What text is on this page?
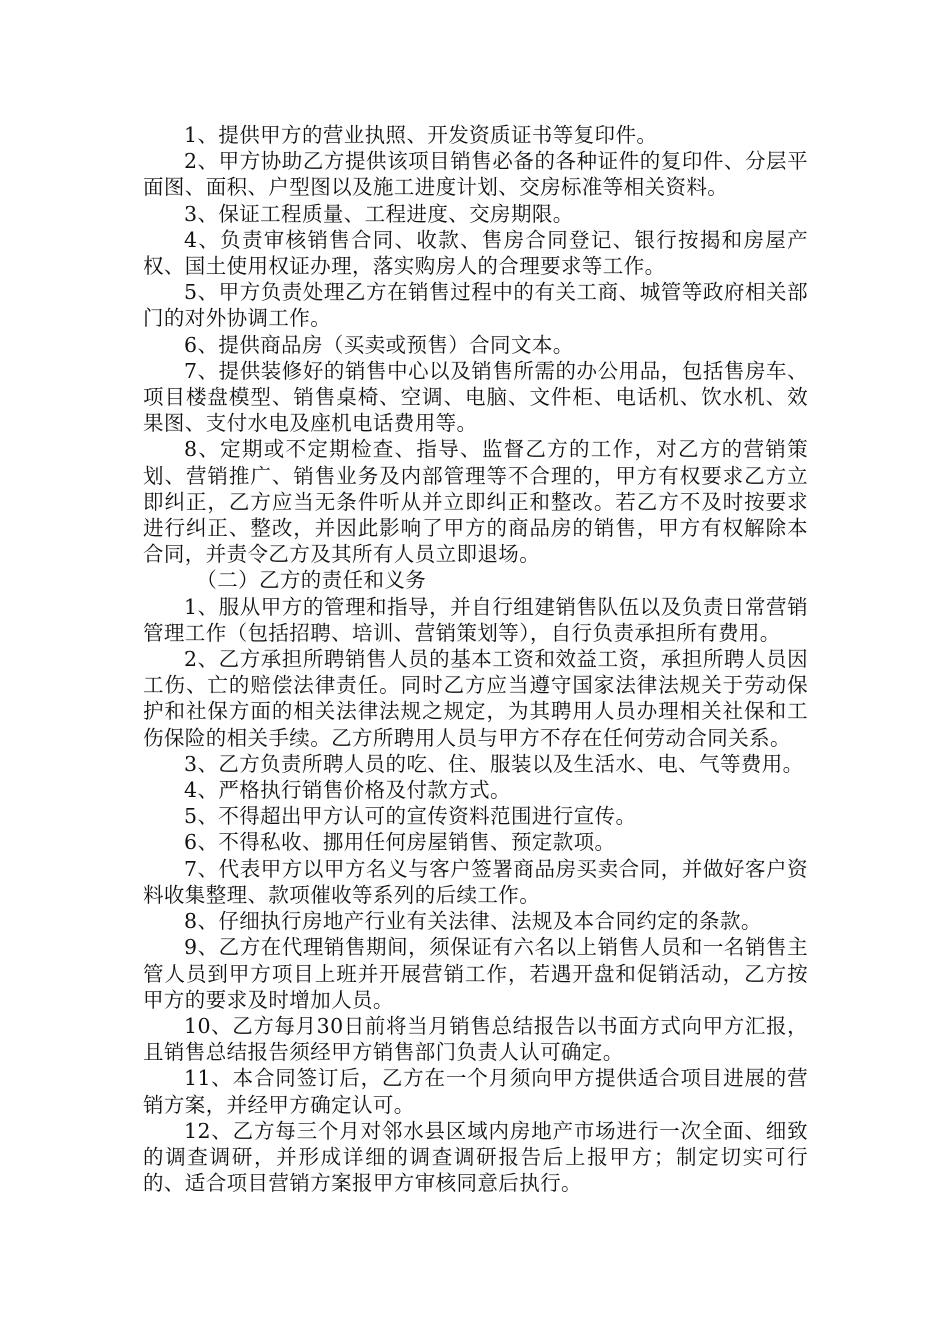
1、提供甲方的营业执照、开发资质证书等复印件。

2、甲方协助乙方提供该项目销售必备的各种证件的复印件、分层平面图、面积、户型图以及施工进度计划、交房标准等相关资料。

3、保证工程质量、工程进度、交房期限。

4、负责审核销售合同、收款、售房合同登记、银行按揭和房屋产权、国土使用权证办理，落实购房人的合理要求等工作。

5、甲方负责处理乙方在销售过程中的有关工商、城管等政府相关部门的对外协调工作。

6、提供商品房（买卖或预售）合同文本。

7、提供装修好的销售中心以及销售所需的办公用品，包括售房车、项目楼盘模型、销售桌椅、空调、电脑、文件柜、电话机、饮水机、效果图、支付水电及座机电话费用等。

8、定期或不定期检查、指导、监督乙方的工作，对乙方的营销策划、营销推广、销售业务及内部管理等不合理的，甲方有权要求乙方立即纠正，乙方应当无条件听从并立即纠正和整改。若乙方不及时按要求进行纠正、整改，并因此影响了甲方的商品房的销售，甲方有权解除本合同，并责令乙方及其所有人员立即退场。

（二）乙方的责任和义务

1、服从甲方的管理和指导，并自行组建销售队伍以及负责日常营销管理工作（包括招聘、培训、营销策划等），自行负责承担所有费用。

2、乙方承担所聘销售人员的基本工资和效益工资，承担所聘人员因工伤、亡的赔偿法律责任。同时乙方应当遵守国家法律法规关于劳动保护和社保方面的相关法律法规之规定，为其聘用人员办理相关社保和工伤保险的相关手续。乙方所聘用人员与甲方不存在任何劳动合同关系。

3、乙方负责所聘人员的吃、住、服装以及生活水、电、气等费用。

4、严格执行销售价格及付款方式。

5、不得超出甲方认可的宣传资料范围进行宣传。

6、不得私收、挪用任何房屋销售、预定款项。

7、代表甲方以甲方名义与客户签署商品房买卖合同，并做好客户资料收集整理、款项催收等系列的后续工作。

8、仔细执行房地产行业有关法律、法规及本合同约定的条款。

9、乙方在代理销售期间，须保证有六名以上销售人员和一名销售主管人员到甲方项目上班并开展营销工作，若遇开盘和促销活动，乙方按甲方的要求及时增加人员。

10、乙方每月30日前将当月销售总结报告以书面方式向甲方汇报，且销售总结报告须经甲方销售部门负责人认可确定。

11、本合同签订后，乙方在一个月须向甲方提供适合项目进展的营销方案，并经甲方确定认可。

12、乙方每三个月对邻水县区域内房地产市场进行一次全面、细致的调查调研，并形成详细的调查调研报告后上报甲方；制定切实可行的、适合项目营销方案报甲方审核同意后执行。
